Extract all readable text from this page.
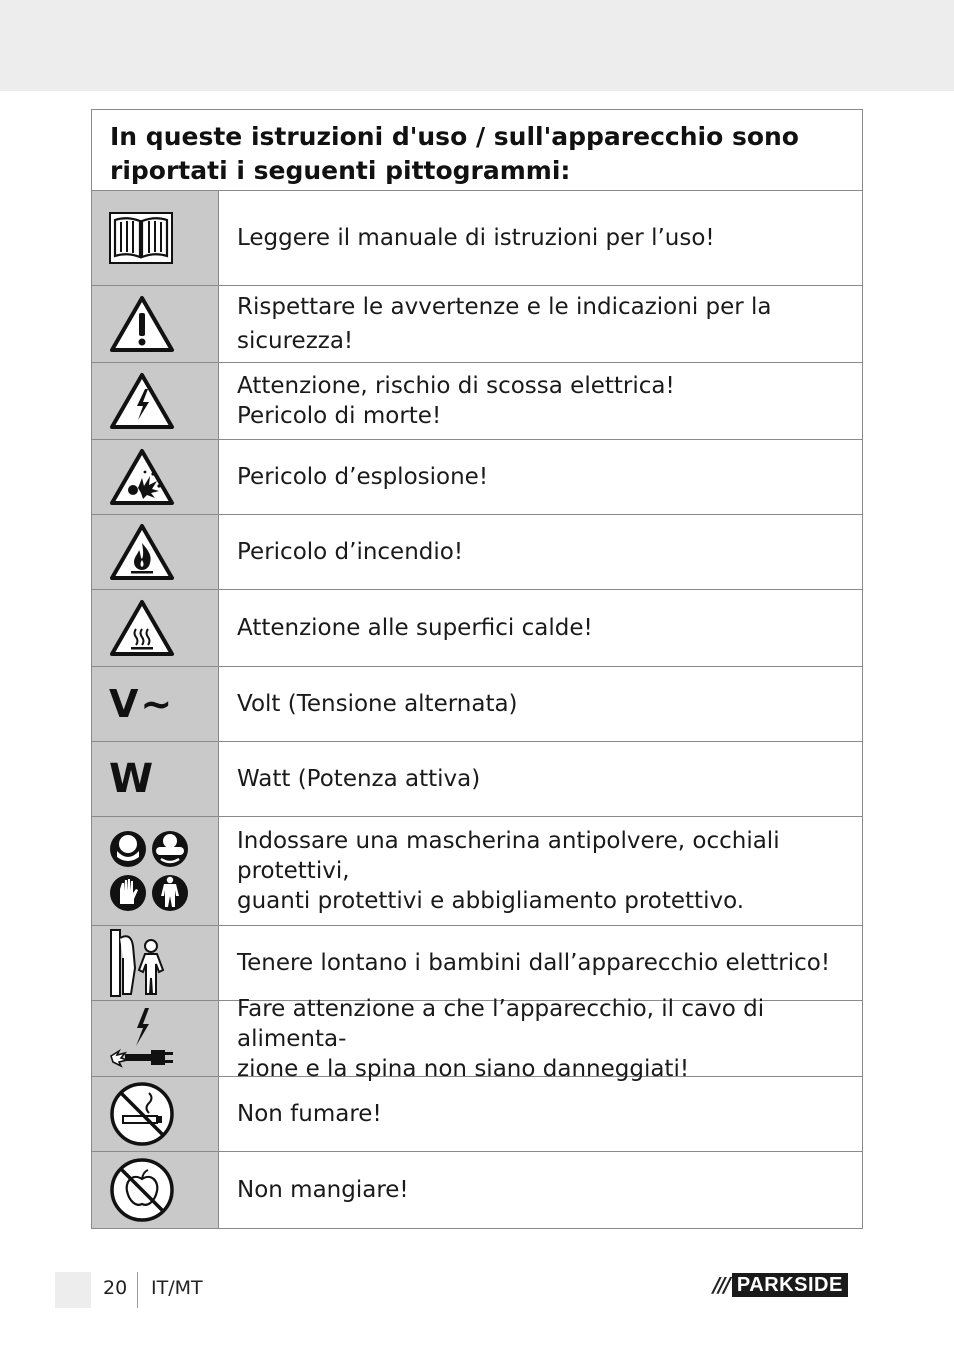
In queste istruzioni d'uso / sull'apparecchio sono
riportati i seguenti pittogrammi:
Leggere il manuale di istruzioni per l’uso!
Rispettare le avvertenze e le indicazioni per la sicurezza!
Attenzione, rischio di scossa elettrica!
Pericolo di morte!
Pericolo d’esplosione!
Pericolo d’incendio!
Attenzione alle superfici calde!
V~	Volt (Tensione alternata)
W	Watt (Potenza attiva)
Indossare una mascherina antipolvere, occhiali protettivi,
guanti protettivi e abbigliamento protettivo.
Tenere lontano i bambini dall’apparecchio elettrico!
Fare attenzione a che l’apparecchio, il cavo di alimenta-
zione e la spina non siano danneggiati!
Non fumare!
Non mangiare!
20 IT/MT	/// PARKSIDE
